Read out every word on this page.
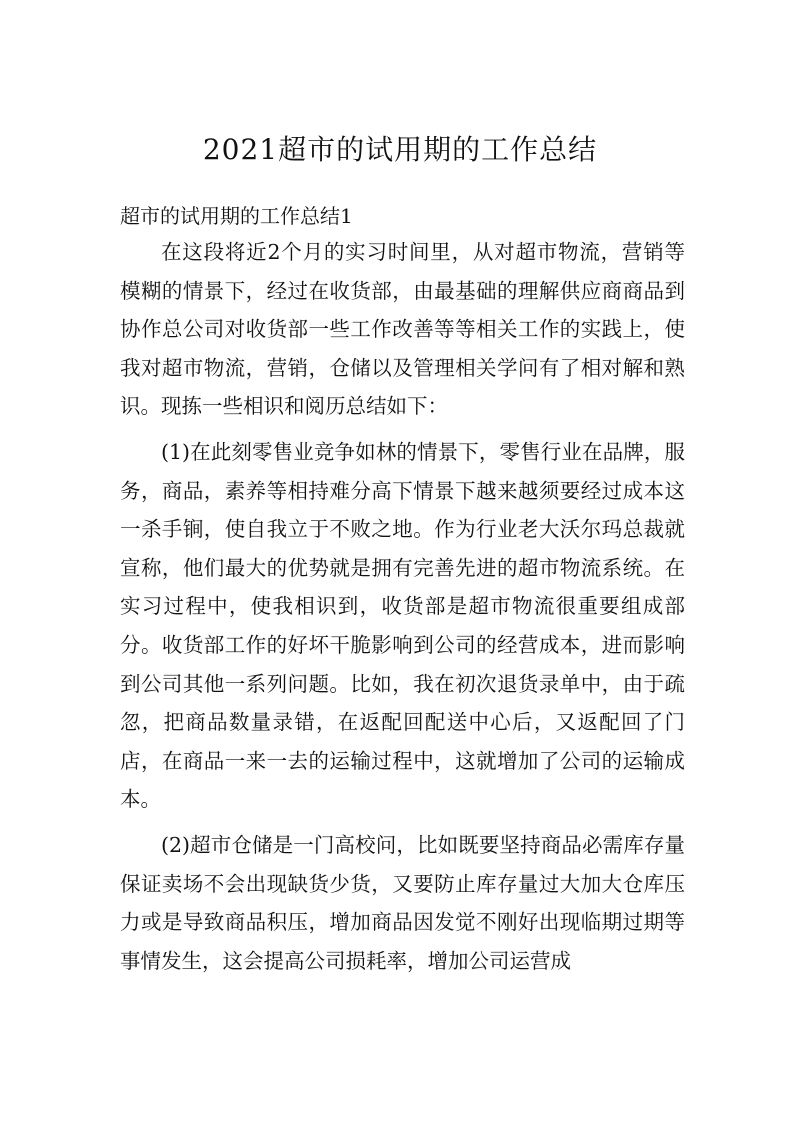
2021超市的试用期的工作总结

超市的试用期的工作总结1

在这段将近2个月的实习时间里，从对超市物流，营销等模糊的情景下，经过在收货部，由最基础的理解供应商商品到协作总公司对收货部一些工作改善等等相关工作的实践上，使我对超市物流，营销，仓储以及管理相关学问有了相对解和熟识。现拣一些相识和阅历总结如下：

(1)在此刻零售业竞争如林的情景下，零售行业在品牌，服务，商品，素养等相持难分高下情景下越来越须要经过成本这一杀手锏，使自我立于不败之地。作为行业老大沃尔玛总裁就宣称，他们最大的优势就是拥有完善先进的超市物流系统。在实习过程中，使我相识到，收货部是超市物流很重要组成部分。收货部工作的好坏干脆影响到公司的经营成本，进而影响到公司其他一系列问题。比如，我在初次退货录单中，由于疏忽，把商品数量录错，在返配回配送中心后，又返配回了门店，在商品一来一去的运输过程中，这就增加了公司的运输成本。

(2)超市仓储是一门高校问，比如既要坚持商品必需库存量保证卖场不会出现缺货少货，又要防止库存量过大加大仓库压力或是导致商品积压，增加商品因发觉不刚好出现临期过期等事情发生，这会提高公司损耗率，增加公司运营成
